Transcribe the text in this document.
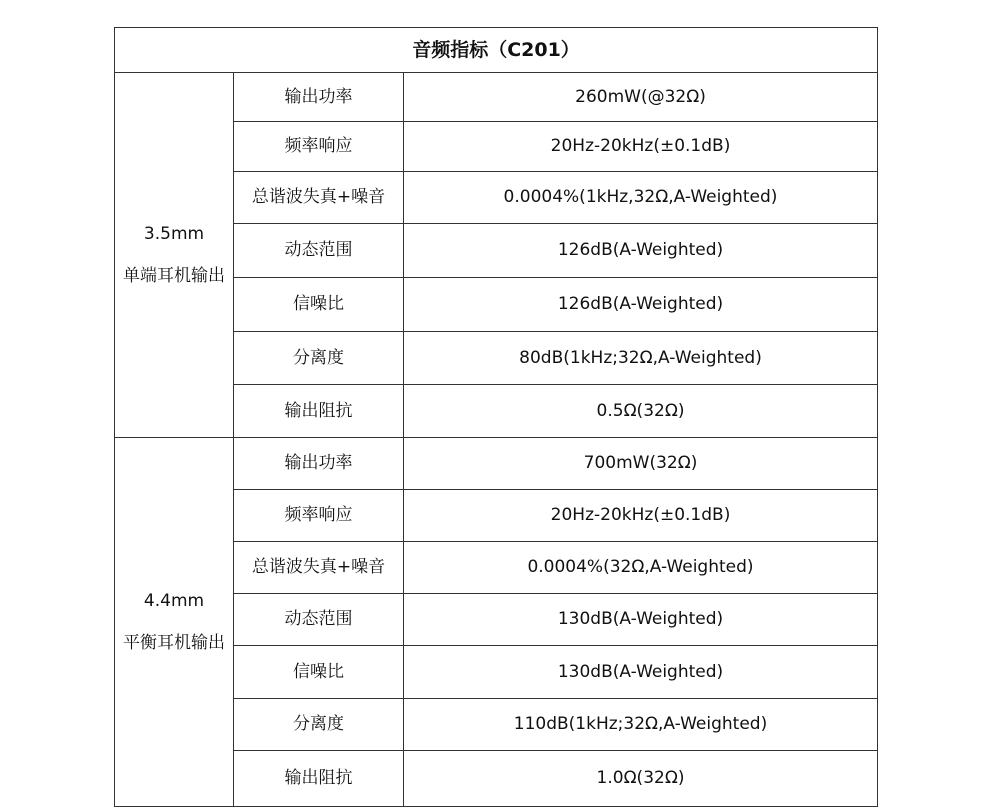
音频指标（C201）		

3.5mm
单端耳机输出	输出功率	260mW(@32Ω)
	频率响应	20Hz-20kHz(±0.1dB)
	总谐波失真+噪音	0.0004%(1kHz,32Ω,A-Weighted)
	动态范围	126dB(A-Weighted)
	信噪比	126dB(A-Weighted)
	分离度	80dB(1kHz;32Ω,A-Weighted)
	输出阻抗	0.5Ω(32Ω)

4.4mm
平衡耳机输出	输出功率	700mW(32Ω)
	频率响应	20Hz-20kHz(±0.1dB)
	总谐波失真+噪音	0.0004%(32Ω,A-Weighted)
	动态范围	130dB(A-Weighted)
	信噪比	130dB(A-Weighted)
	分离度	110dB(1kHz;32Ω,A-Weighted)
	输出阻抗	1.0Ω(32Ω)
